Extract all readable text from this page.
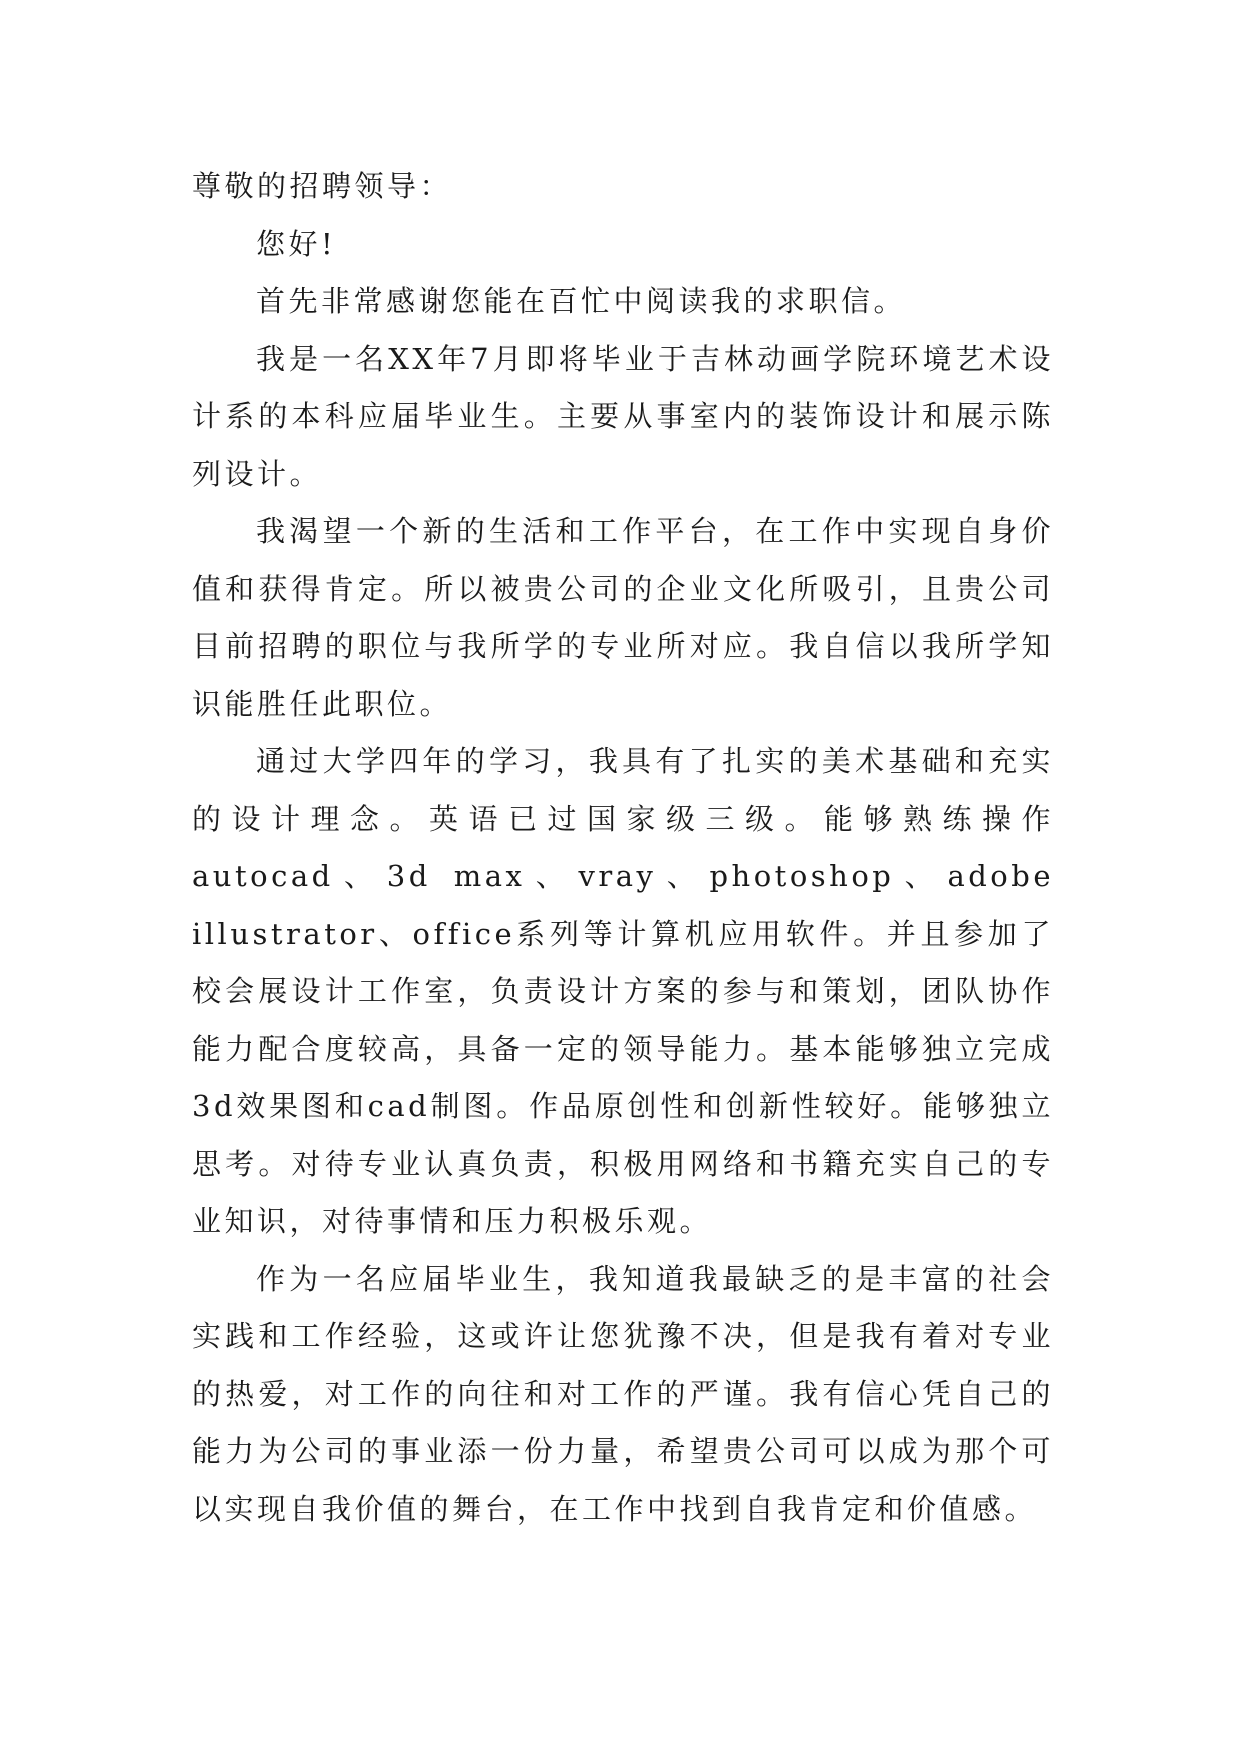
尊敬的招聘领导：

您好!

首先非常感谢您能在百忙中阅读我的求职信。

我是一名XX年7月即将毕业于吉林动画学院环境艺术设计系的本科应届毕业生。主要从事室内的装饰设计和展示陈列设计。

我渴望一个新的生活和工作平台，在工作中实现自身价值和获得肯定。所以被贵公司的企业文化所吸引，且贵公司目前招聘的职位与我所学的专业所对应。我自信以我所学知识能胜任此职位。

通过大学四年的学习，我具有了扎实的美术基础和充实的设计理念。英语已过国家级三级。能够熟练操作autocad、3d max、vray、photoshop、adobe illustrator、office系列等计算机应用软件。并且参加了校会展设计工作室，负责设计方案的参与和策划，团队协作能力配合度较高，具备一定的领导能力。基本能够独立完成3d效果图和cad制图。作品原创性和创新性较好。能够独立思考。对待专业认真负责，积极用网络和书籍充实自己的专业知识，对待事情和压力积极乐观。

作为一名应届毕业生，我知道我最缺乏的是丰富的社会实践和工作经验，这或许让您犹豫不决，但是我有着对专业的热爱，对工作的向往和对工作的严谨。我有信心凭自己的能力为公司的事业添一份力量，希望贵公司可以成为那个可以实现自我价值的舞台，在工作中找到自我肯定和价值感。
